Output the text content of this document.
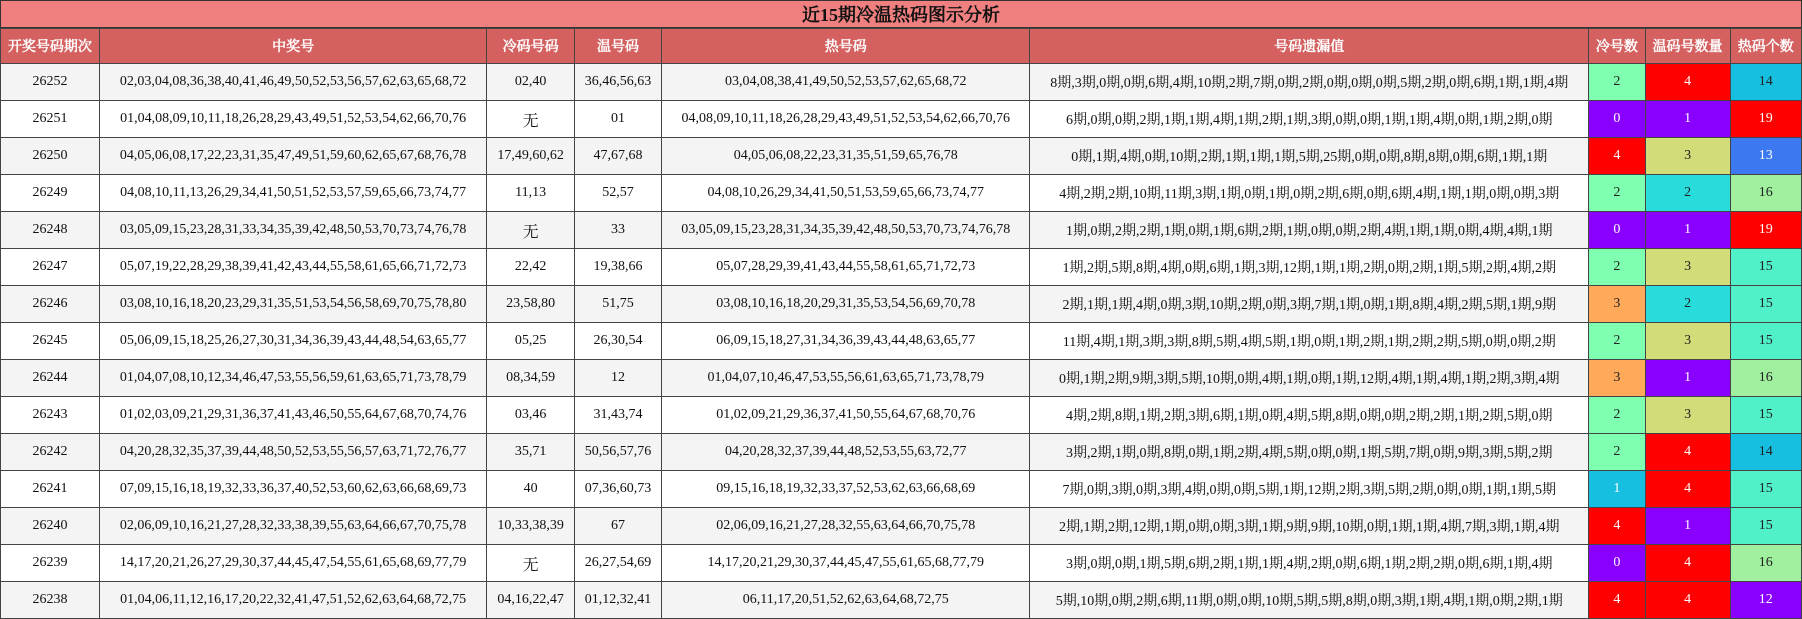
近15期冷温热码图示分析
开奖号码期次	中奖号	冷码号码	温号码	热号码	号码遗漏值	冷号数	温码号数量	热码个数
26252	02,03,04,08,36,38,40,41,46,49,50,52,53,56,57,62,63,65,68,72	02,40	36,46,56,63	03,04,08,38,41,49,50,52,53,57,62,65,68,72	8期,3期,0期,0期,6期,4期,10期,2期,7期,0期,2期,0期,0期,0期,5期,2期,0期,6期,1期,1期,4期	2	4	14
26251	01,04,08,09,10,11,18,26,28,29,43,49,51,52,53,54,62,66,70,76	无	01	04,08,09,10,11,18,26,28,29,43,49,51,52,53,54,62,66,70,76	6期,0期,0期,2期,1期,1期,4期,1期,2期,1期,3期,0期,0期,1期,1期,4期,0期,1期,2期,0期	0	1	19
26250	04,05,06,08,17,22,23,31,35,47,49,51,59,60,62,65,67,68,76,78	17,49,60,62	47,67,68	04,05,06,08,22,23,31,35,51,59,65,76,78	0期,1期,4期,0期,10期,2期,1期,1期,1期,5期,25期,0期,0期,8期,8期,0期,6期,1期,1期	4	3	13
26249	04,08,10,11,13,26,29,34,41,50,51,52,53,57,59,65,66,73,74,77	11,13	52,57	04,08,10,26,29,34,41,50,51,53,59,65,66,73,74,77	4期,2期,2期,10期,11期,3期,1期,0期,1期,0期,2期,6期,0期,6期,4期,1期,1期,0期,0期,3期	2	2	16
26248	03,05,09,15,23,28,31,33,34,35,39,42,48,50,53,70,73,74,76,78	无	33	03,05,09,15,23,28,31,34,35,39,42,48,50,53,70,73,74,76,78	1期,0期,2期,2期,1期,0期,1期,6期,2期,1期,0期,0期,2期,4期,1期,1期,0期,4期,4期,1期	0	1	19
26247	05,07,19,22,28,29,38,39,41,42,43,44,55,58,61,65,66,71,72,73	22,42	19,38,66	05,07,28,29,39,41,43,44,55,58,61,65,71,72,73	1期,2期,5期,8期,4期,0期,6期,1期,3期,12期,1期,1期,2期,0期,2期,1期,5期,2期,4期,2期	2	3	15
26246	03,08,10,16,18,20,23,29,31,35,51,53,54,56,58,69,70,75,78,80	23,58,80	51,75	03,08,10,16,18,20,29,31,35,53,54,56,69,70,78	2期,1期,1期,4期,0期,3期,10期,2期,0期,3期,7期,1期,0期,1期,8期,4期,2期,5期,1期,9期	3	2	15
26245	05,06,09,15,18,25,26,27,30,31,34,36,39,43,44,48,54,63,65,77	05,25	26,30,54	06,09,15,18,27,31,34,36,39,43,44,48,63,65,77	11期,4期,1期,3期,3期,8期,5期,4期,5期,1期,0期,1期,2期,1期,2期,2期,5期,0期,0期,2期	2	3	15
26244	01,04,07,08,10,12,34,46,47,53,55,56,59,61,63,65,71,73,78,79	08,34,59	12	01,04,07,10,46,47,53,55,56,61,63,65,71,73,78,79	0期,1期,2期,9期,3期,5期,10期,0期,4期,1期,0期,1期,12期,4期,1期,4期,1期,2期,3期,4期	3	1	16
26243	01,02,03,09,21,29,31,36,37,41,43,46,50,55,64,67,68,70,74,76	03,46	31,43,74	01,02,09,21,29,36,37,41,50,55,64,67,68,70,76	4期,2期,8期,1期,2期,3期,6期,1期,0期,4期,5期,8期,0期,0期,2期,2期,1期,2期,5期,0期	2	3	15
26242	04,20,28,32,35,37,39,44,48,50,52,53,55,56,57,63,71,72,76,77	35,71	50,56,57,76	04,20,28,32,37,39,44,48,52,53,55,63,72,77	3期,2期,1期,0期,8期,0期,1期,2期,4期,5期,0期,0期,1期,5期,7期,0期,9期,3期,5期,2期	2	4	14
26241	07,09,15,16,18,19,32,33,36,37,40,52,53,60,62,63,66,68,69,73	40	07,36,60,73	09,15,16,18,19,32,33,37,52,53,62,63,66,68,69	7期,0期,3期,0期,3期,4期,0期,0期,5期,1期,12期,2期,3期,5期,2期,0期,0期,1期,1期,5期	1	4	15
26240	02,06,09,10,16,21,27,28,32,33,38,39,55,63,64,66,67,70,75,78	10,33,38,39	67	02,06,09,16,21,27,28,32,55,63,64,66,70,75,78	2期,1期,2期,12期,1期,0期,0期,3期,1期,9期,9期,10期,0期,1期,1期,4期,7期,3期,1期,4期	4	1	15
26239	14,17,20,21,26,27,29,30,37,44,45,47,54,55,61,65,68,69,77,79	无	26,27,54,69	14,17,20,21,29,30,37,44,45,47,55,61,65,68,77,79	3期,0期,0期,1期,5期,6期,2期,1期,1期,4期,2期,0期,6期,1期,2期,2期,0期,6期,1期,4期	0	4	16
26238	01,04,06,11,12,16,17,20,22,32,41,47,51,52,62,63,64,68,72,75	04,16,22,47	01,12,32,41	06,11,17,20,51,52,62,63,64,68,72,75	5期,10期,0期,2期,6期,11期,0期,0期,10期,5期,5期,8期,0期,3期,1期,4期,1期,0期,2期,1期	4	4	12
